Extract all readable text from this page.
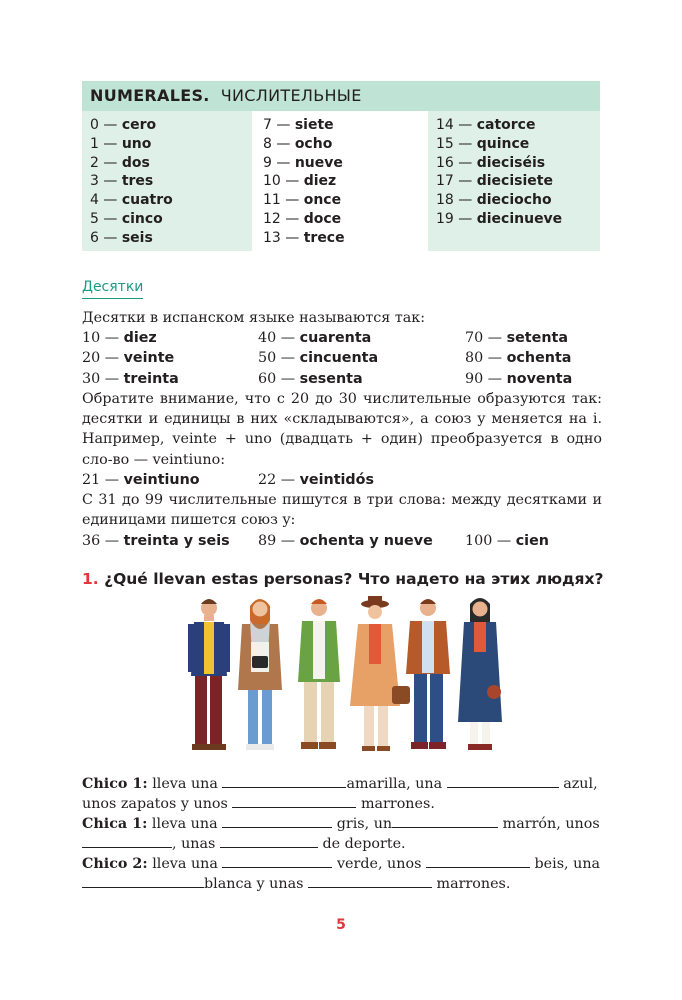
NUMERALES. ЧИСЛИТЕЛЬНЫЕ
0 — cero
1 — uno
2 — dos
3 — tres
4 — cuatro
5 — cinco
6 — seis
7 — siete
8 — ocho
9 — nueve
10 — diez
11 — once
12 — doce
13 — trece
14 — catorce
15 — quince
16 — dieciséis
17 — diecisiete
18 — dieciocho
19 — diecinueve
Десятки
Десятки в испанском языке называются так:
10 — diez	40 — cuarenta	70 — setenta
20 — veinte	50 — cincuenta	80 — ochenta
30 — treinta	60 — sesenta	90 — noventa
Обратите внимание, что с 20 до 30 числительные образуются так: десятки и единицы в них «складываются», а союз y меняется на i. Например, veinte + uno (двадцать + один) преобразуется в одно сло-во — veintiuno:
21 — veintiuno	22 — veintidós
С 31 до 99 числительные пишутся в три слова: между десятками и единицами пишется союз y:
36 — treinta y seis 89 — ochenta y nueve 100 — cien
1. ¿Qué llevan estas personas? Что надето на этих людях?
Chico 1: lleva una	amarilla, una	azul,
unos zapatos y unos	marrones.
Chica 1: lleva una	gris, un	marrón, unos
, unas	de deporte.
Chico 2: lleva una	verde, unos	beis, una
blanca y unas	marrones.
5
